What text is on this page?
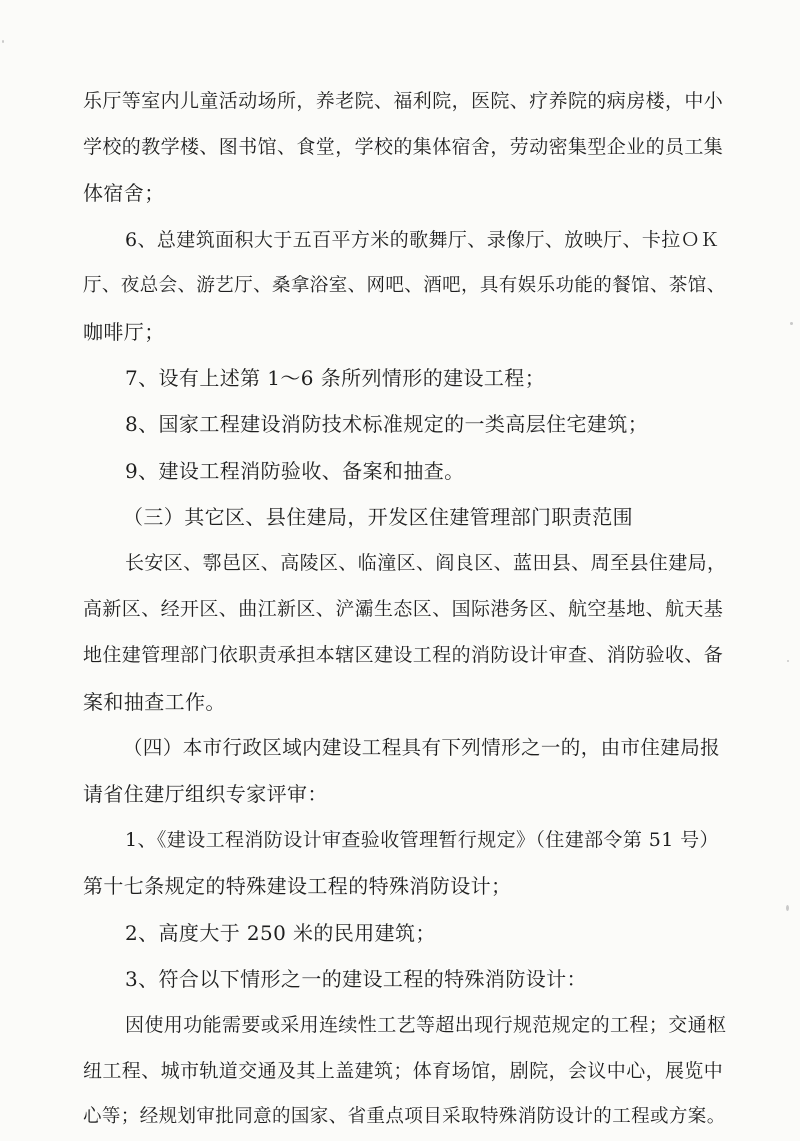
乐厅等室内儿童活动场所，养老院、福利院，医院、疗养院的病房楼，中小
学校的教学楼、图书馆、食堂，学校的集体宿舍，劳动密集型企业的员工集
体宿舍；
6、总建筑面积大于五百平方米的歌舞厅、录像厅、放映厅、卡拉ＯＫ
厅、夜总会、游艺厅、桑拿浴室、网吧、酒吧，具有娱乐功能的餐馆、茶馆、
咖啡厅；
7、设有上述第 1～6 条所列情形的建设工程；
8、国家工程建设消防技术标准规定的一类高层住宅建筑；
9、建设工程消防验收、备案和抽查。
（三）其它区、县住建局，开发区住建管理部门职责范围
长安区、鄠邑区、高陵区、临潼区、阎良区、蓝田县、周至县住建局，
高新区、经开区、曲江新区、浐灞生态区、国际港务区、航空基地、航天基
地住建管理部门依职责承担本辖区建设工程的消防设计审查、消防验收、备
案和抽查工作。
（四）本市行政区域内建设工程具有下列情形之一的，由市住建局报
请省住建厅组织专家评审：
1、《建设工程消防设计审查验收管理暂行规定》（住建部令第 51 号）
第十七条规定的特殊建设工程的特殊消防设计；
2、高度大于 250 米的民用建筑；
3、符合以下情形之一的建设工程的特殊消防设计：
因使用功能需要或采用连续性工艺等超出现行规范规定的工程；交通枢
纽工程、城市轨道交通及其上盖建筑；体育场馆，剧院，会议中心，展览中
心等；经规划审批同意的国家、省重点项目采取特殊消防设计的工程或方案。
